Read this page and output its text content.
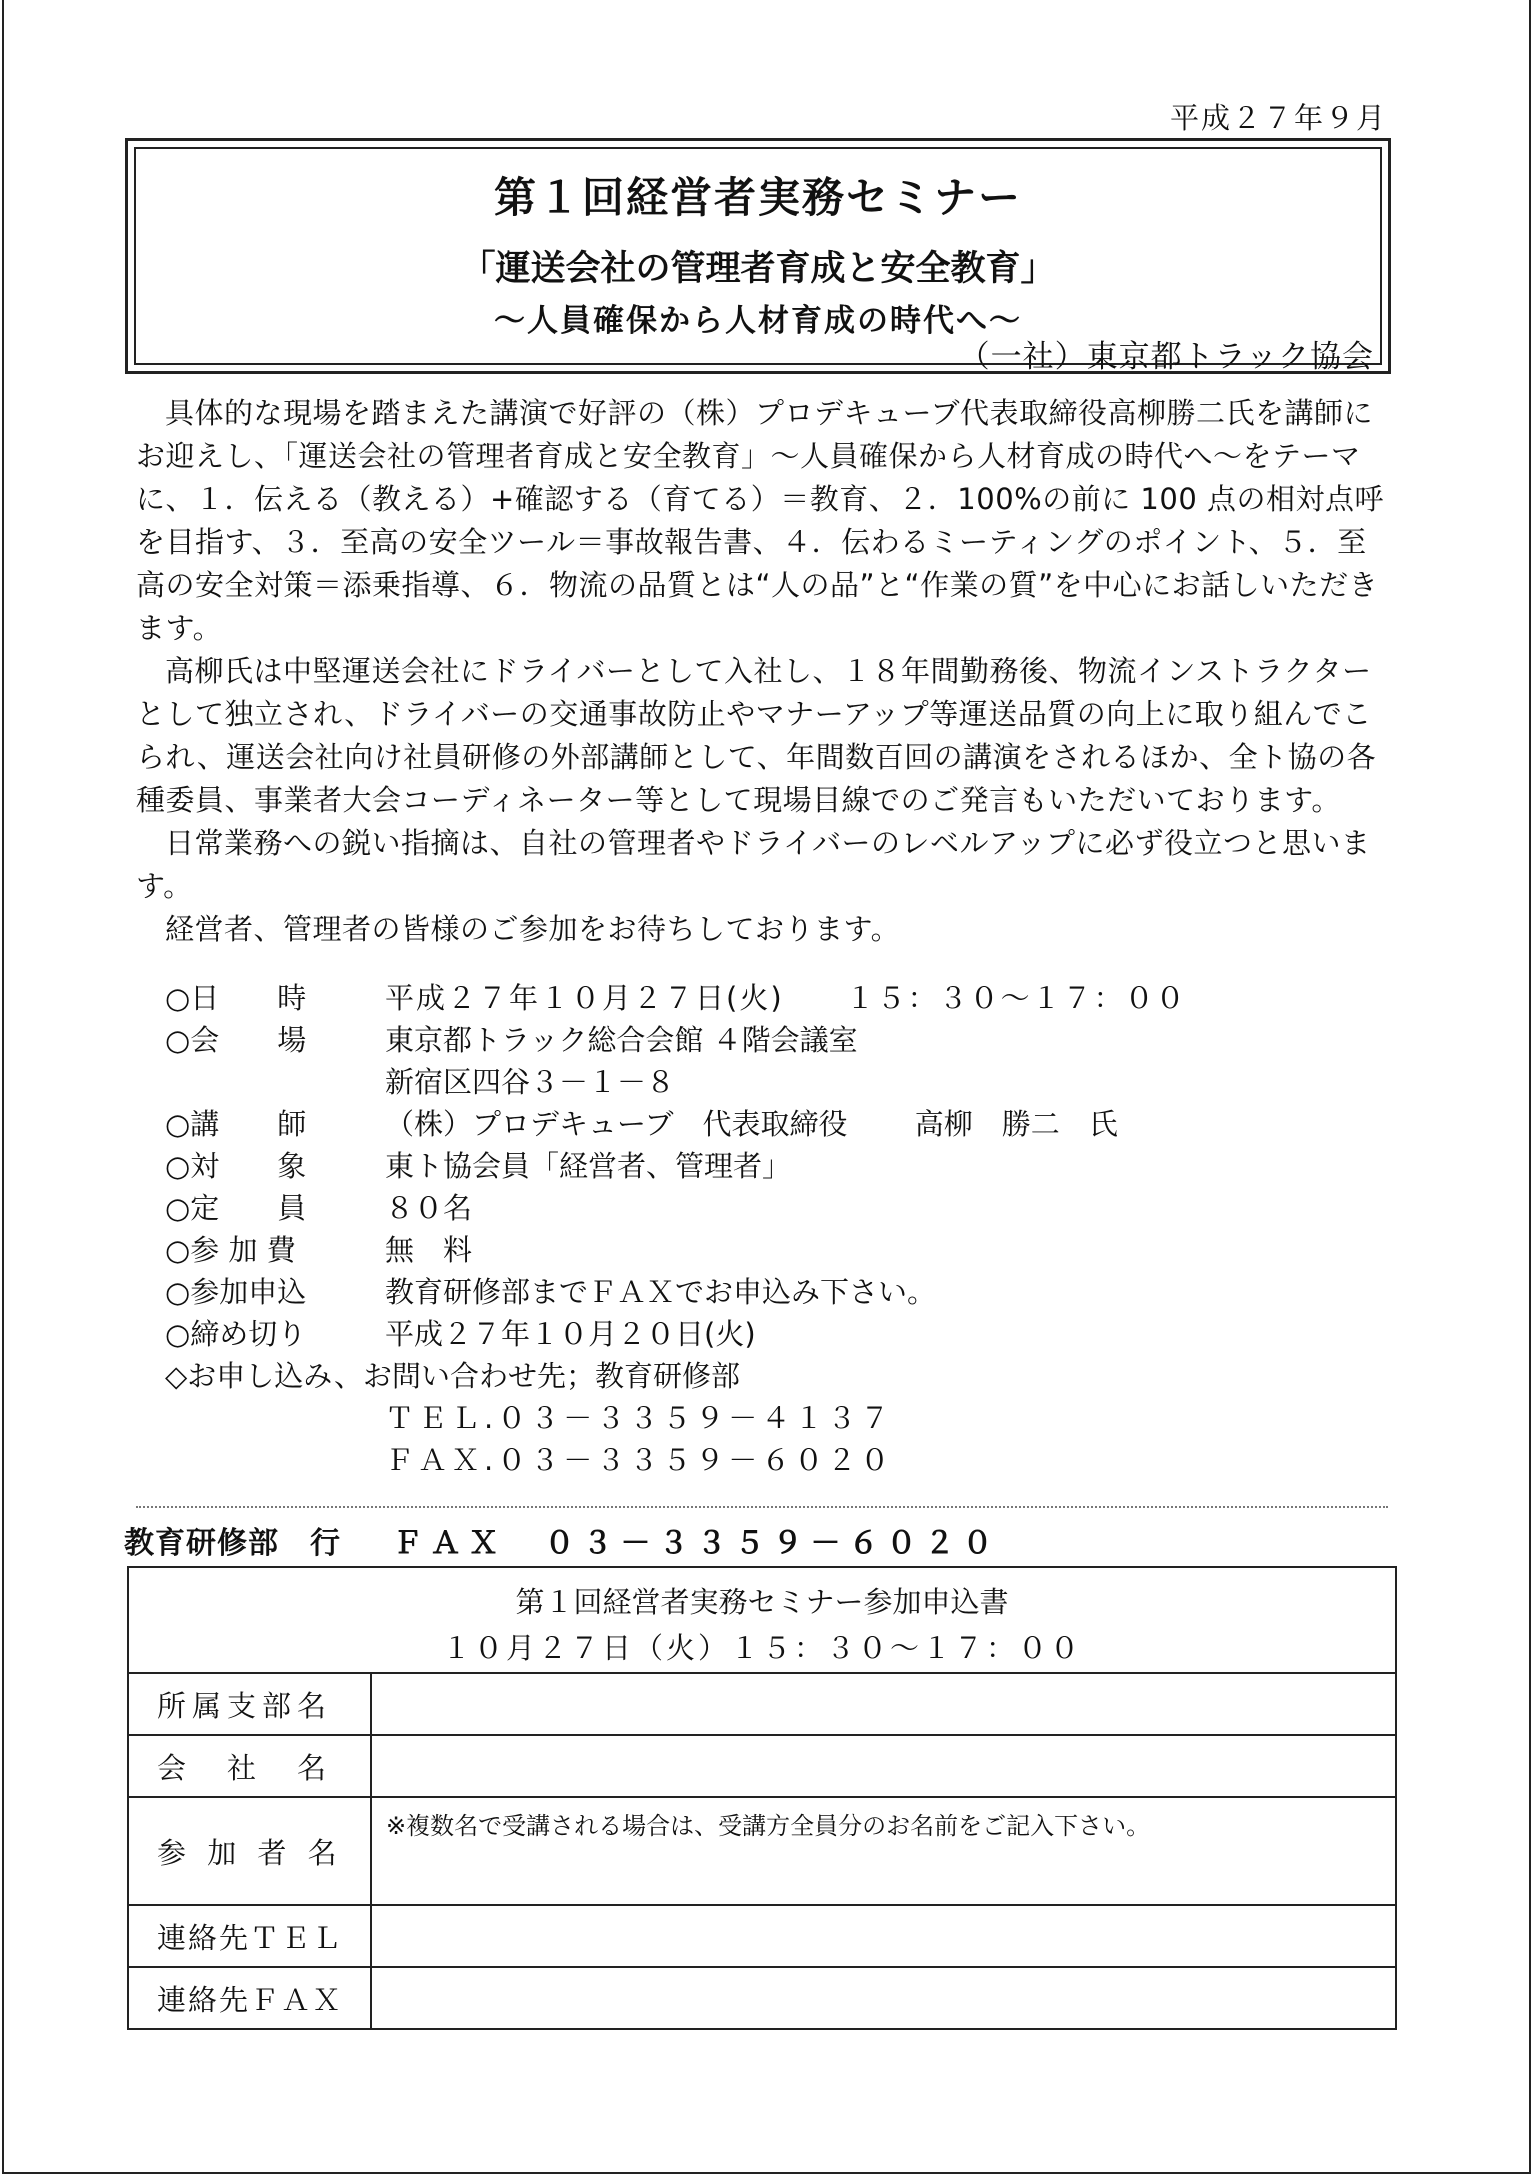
平成２７年９月
第１回経営者実務セミナー
「運送会社の管理者育成と安全教育」
～人員確保から人材育成の時代へ～
（一社）東京都トラック協会

具体的な現場を踏まえた講演で好評の（株）プロデキューブ代表取締役高柳勝二氏を講師にお迎えし、「運送会社の管理者育成と安全教育」～人員確保から人材育成の時代へ～をテーマに、１．伝える（教える）+確認する（育てる）＝教育、２．100%の前に 100 点の相対点呼を目指す、３．至高の安全ツール＝事故報告書、４．伝わるミーティングのポイント、５．至高の安全対策＝添乗指導、６．物流の品質とは“人の品”と“作業の質”を中心にお話しいただきます。

高柳氏は中堅運送会社にドライバーとして入社し、１８年間勤務後、物流インストラクターとして独立され、ドライバーの交通事故防止やマナーアップ等運送品質の向上に取り組んでこられ、運送会社向け社員研修の外部講師として、年間数百回の講演をされるほか、全ト協の各種委員、事業者大会コーディネーター等として現場目線でのご発言もいただいております。

日常業務への鋭い指摘は、自社の管理者やドライバーのレベルアップに必ず役立つと思います。

経営者、管理者の皆様のご参加をお待ちしております。

○日　　時	平成２７年１０月２７日(火)　　１５：３０～１７：００
○会　　場	東京都トラック総合会館 ４階会議室
新宿区四谷３－１－８
○講　　師	（株）プロデキューブ　代表取締役　　 高柳　勝二　氏
○対　　象	東ト協会員「経営者、管理者」
○定　　員	８０名
○参 加 費	無　料
○参加申込	教育研修部までＦＡＸでお申込み下さい。
○締め切り	平成２７年１０月２０日(火)
◇お申し込み、お問い合わせ先；教育研修部
ＴＥＬ.０３－３３５９－４１３７
ＦＡＸ.０３－３３５９－６０２０
教育研修部　行 ＦＡＸ　０３－３３５９－６０２０
第１回経営者実務セミナー参加申込書
１０月２７日（火）１５：３０～１７：００
所属支部名
会　社　名
参 加 者 名
※複数名で受講される場合は、受講方全員分のお名前をご記入下さい。
連絡先ＴＥＬ
連絡先ＦＡＸ
